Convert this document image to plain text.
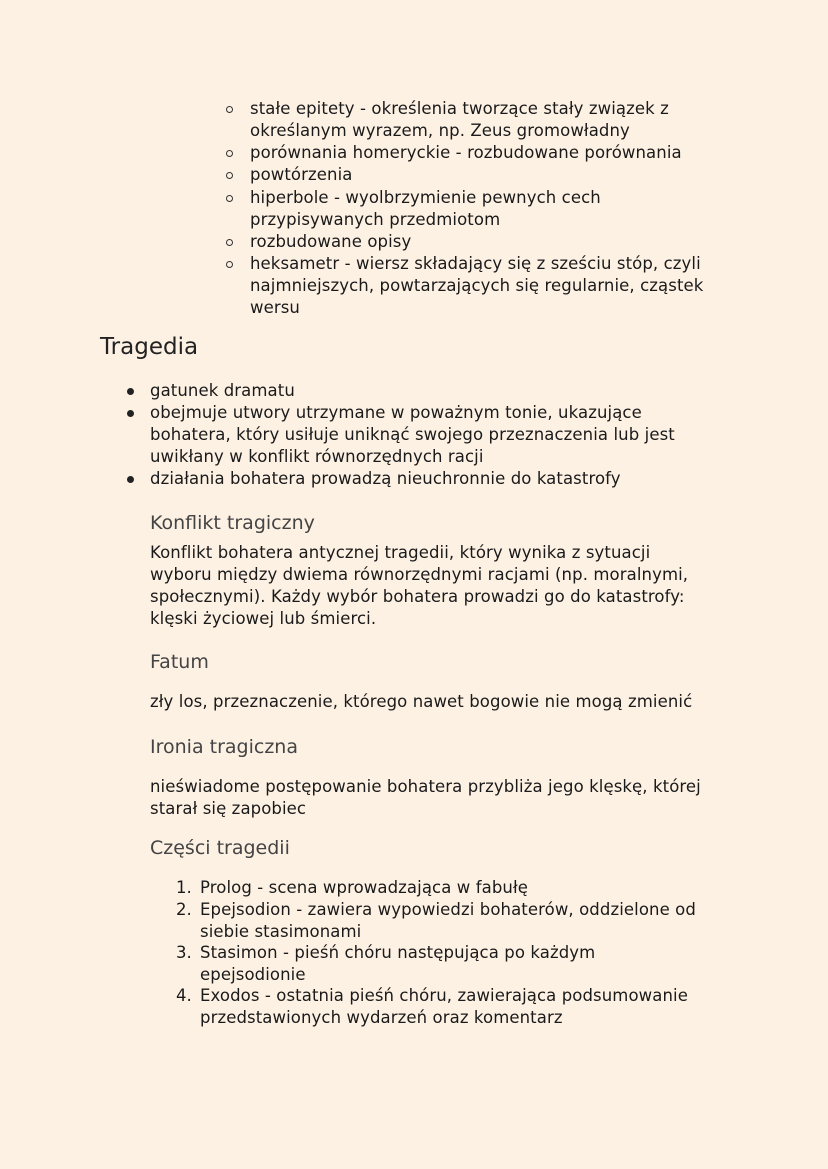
stałe epitety - określenia tworzące stały związek z
określanym wyrazem, np. Zeus gromowładny
porównania homeryckie - rozbudowane porównania
powtórzenia
hiperbole - wyolbrzymienie pewnych cech
przypisywanych przedmiotom
rozbudowane opisy
heksametr - wiersz składający się z sześciu stóp, czyli
najmniejszych, powtarzających się regularnie, cząstek
wersu
Tragedia
gatunek dramatu
obejmuje utwory utrzymane w poważnym tonie, ukazujące
bohatera, który usiłuje uniknąć swojego przeznaczenia lub jest
uwikłany w konflikt równorzędnych racji
działania bohatera prowadzą nieuchronnie do katastrofy
Konflikt tragiczny
Konflikt bohatera antycznej tragedii, który wynika z sytuacji
wyboru między dwiema równorzędnymi racjami (np. moralnymi,
społecznymi). Każdy wybór bohatera prowadzi go do katastrofy:
klęski życiowej lub śmierci.
Fatum
zły los, przeznaczenie, którego nawet bogowie nie mogą zmienić
Ironia tragiczna
nieświadome postępowanie bohatera przybliża jego klęskę, której
starał się zapobiec
Części tragedii
1. Prolog - scena wprowadzająca w fabułę
2. Epejsodion - zawiera wypowiedzi bohaterów, oddzielone od
siebie stasimonami
3. Stasimon - pieśń chóru następująca po każdym
epejsodionie
4. Exodos - ostatnia pieśń chóru, zawierająca podsumowanie
przedstawionych wydarzeń oraz komentarz
